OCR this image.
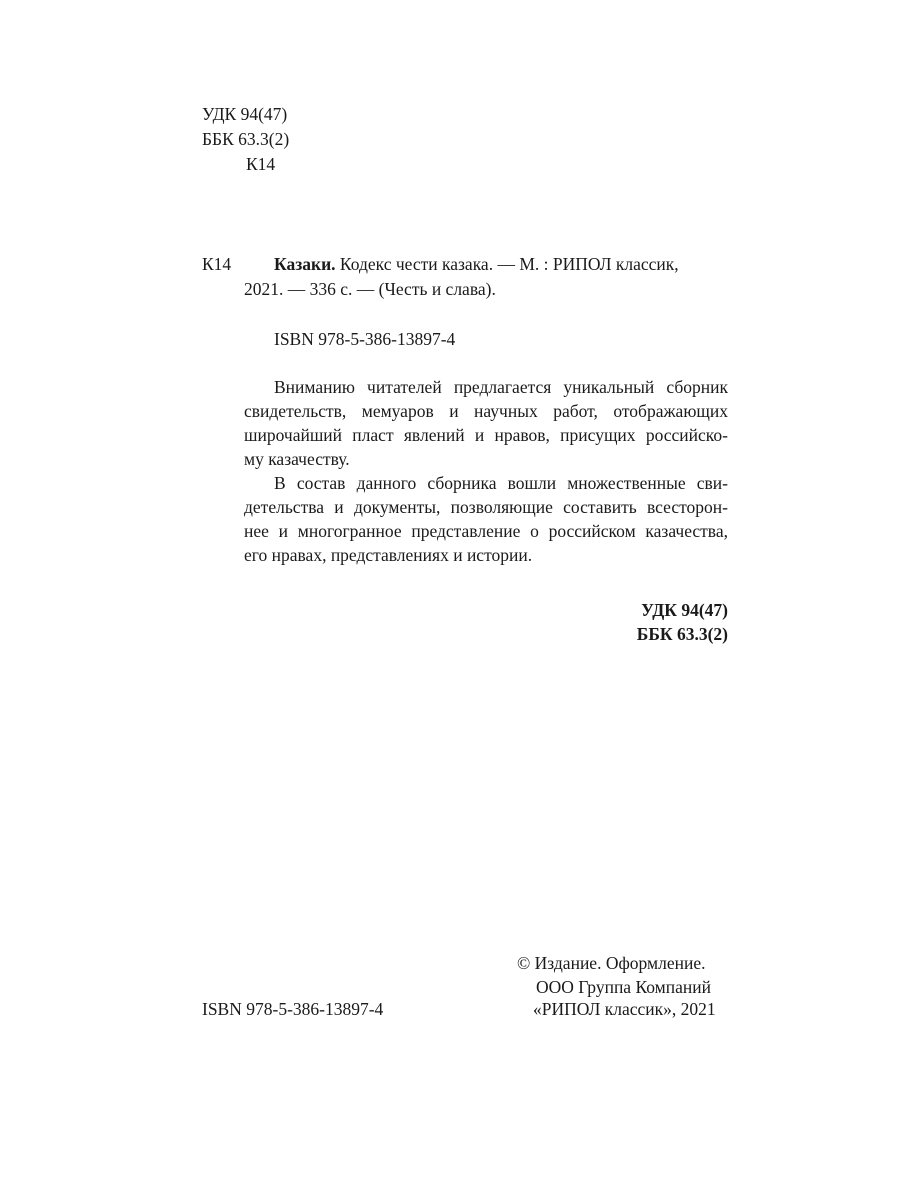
УДК 94(47)
ББК 63.3(2)
К14
К14 Казаки. Кодекс чести казака. — М. : РИПОЛ классик,
2021. — 336 с. — (Честь и слава).
ISBN 978-5-386-13897-4
Вниманию читателей предлагается уникальный сборник
свидетельств, мемуаров и научных работ, отображающих
широчайший пласт явлений и нравов, присущих российско-
му казачеству.
В состав данного сборника вошли множественные сви-
детельства и документы, позволяющие составить всесторон-
нее и многогранное представление о российском казачества,
его нравах, представлениях и истории.
УДК 94(47)
ББК 63.3(2)
© Издание. Оформление.
ООО Группа Компаний
ISBN 978-5-386-13897-4	«РИПОЛ классик», 2021
